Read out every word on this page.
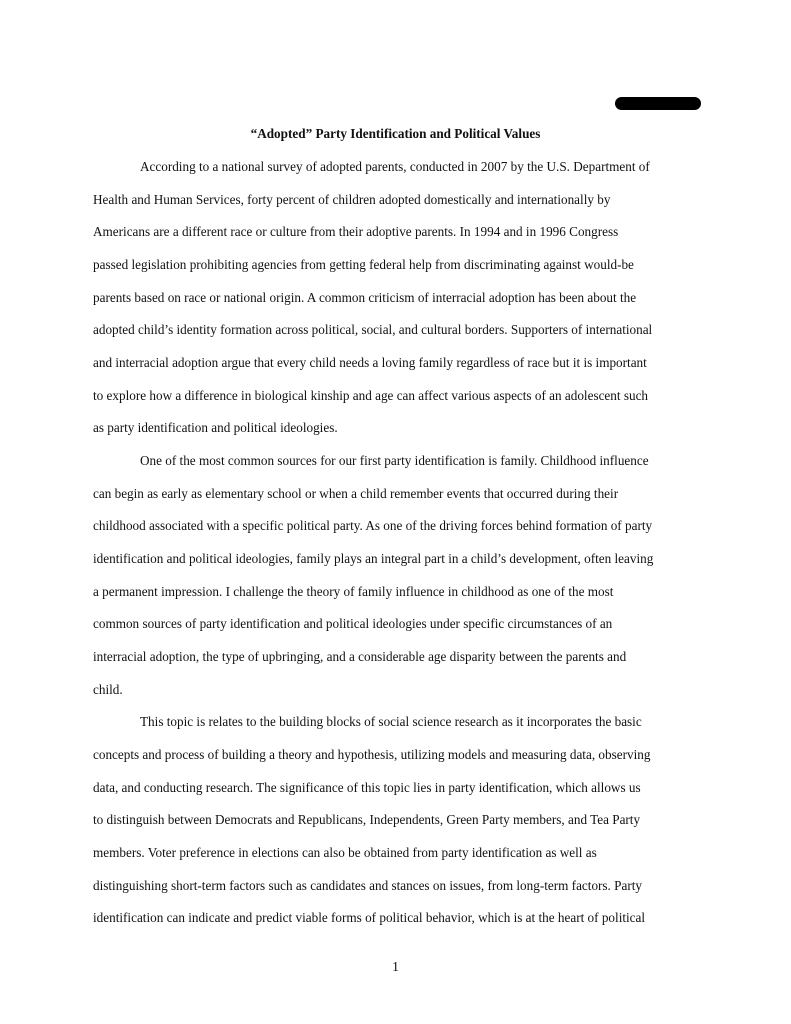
“Adopted” Party Identification and Political Values

According to a national survey of adopted parents, conducted in 2007 by the U.S. Department of

Health and Human Services, forty percent of children adopted domestically and internationally by

Americans are a different race or culture from their adoptive parents. In 1994 and in 1996 Congress

passed legislation prohibiting agencies from getting federal help from discriminating against would-be

parents based on race or national origin. A common criticism of interracial adoption has been about the

adopted child’s identity formation across political, social, and cultural borders. Supporters of international

and interracial adoption argue that every child needs a loving family regardless of race but it is important

to explore how a difference in biological kinship and age can affect various aspects of an adolescent such

as party identification and political ideologies.

One of the most common sources for our first party identification is family. Childhood influence

can begin as early as elementary school or when a child remember events that occurred during their

childhood associated with a specific political party. As one of the driving forces behind formation of party

identification and political ideologies, family plays an integral part in a child’s development, often leaving

a permanent impression. I challenge the theory of family influence in childhood as one of the most

common sources of party identification and political ideologies under specific circumstances of an

interracial adoption, the type of upbringing, and a considerable age disparity between the parents and

child.

This topic is relates to the building blocks of social science research as it incorporates the basic

concepts and process of building a theory and hypothesis, utilizing models and measuring data, observing

data, and conducting research. The significance of this topic lies in party identification, which allows us

to distinguish between Democrats and Republicans, Independents, Green Party members, and Tea Party

members. Voter preference in elections can also be obtained from party identification as well as

distinguishing short-term factors such as candidates and stances on issues, from long-term factors. Party

identification can indicate and predict viable forms of political behavior, which is at the heart of political

1
